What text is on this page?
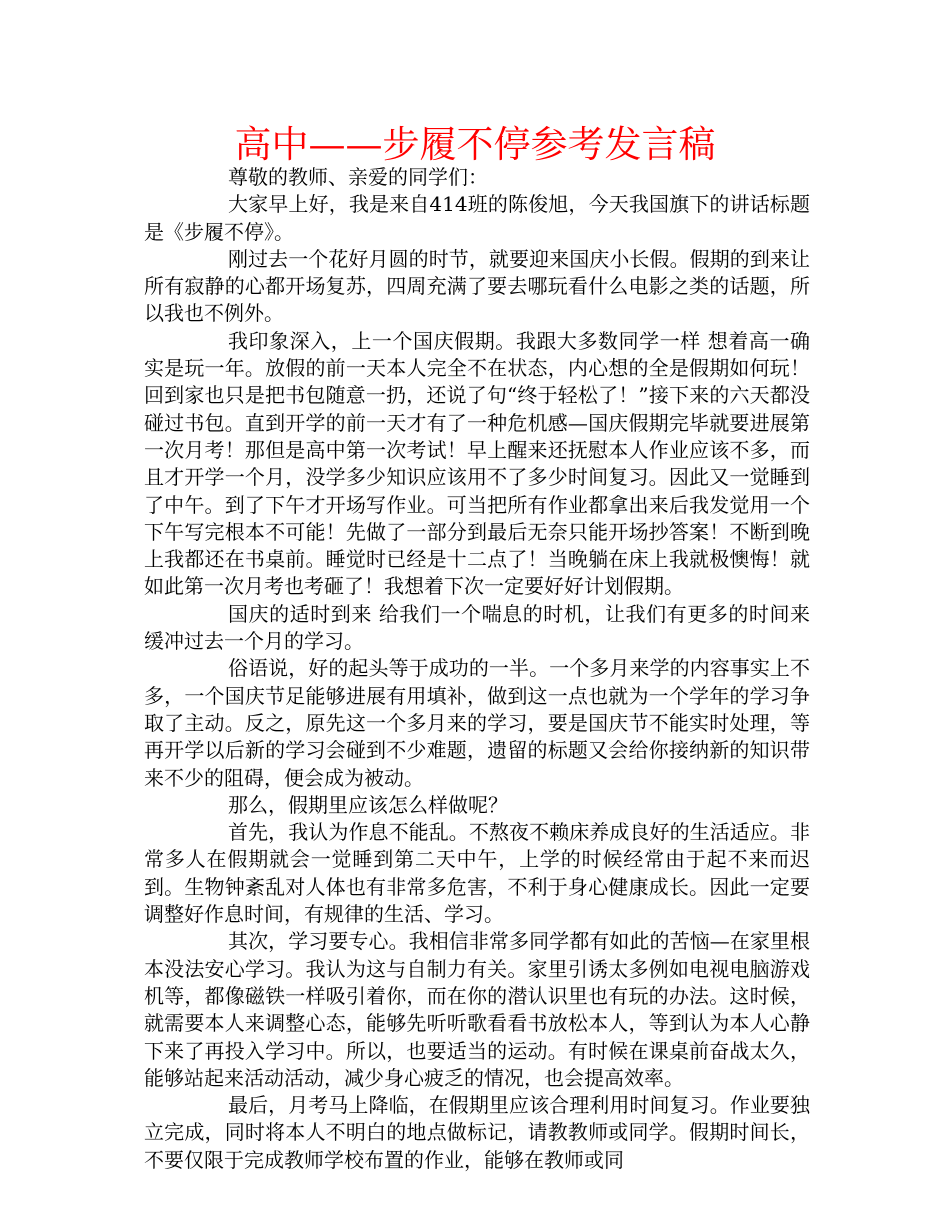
高中——步履不停参考发言稿

尊敬的教师、亲爱的同学们：

大家早上好，我是来自414班的陈俊旭，今天我国旗下的讲话标题是《步履不停》。

刚过去一个花好月圆的时节，就要迎来国庆小长假。假期的到来让所有寂静的心都开场复苏，四周充满了要去哪玩看什么电影之类的话题，所以我也不例外。

我印象深入，上一个国庆假期。我跟大多数同学一样 想着高一确实是玩一年。放假的前一天本人完全不在状态，内心想的全是假期如何玩！回到家也只是把书包随意一扔，还说了句“终于轻松了！”接下来的六天都没碰过书包。直到开学的前一天才有了一种危机感—国庆假期完毕就要进展第一次月考！那但是高中第一次考试！早上醒来还抚慰本人作业应该不多，而且才开学一个月，没学多少知识应该用不了多少时间复习。因此又一觉睡到了中午。到了下午才开场写作业。可当把所有作业都拿出来后我发觉用一个下午写完根本不可能！先做了一部分到最后无奈只能开场抄答案！不断到晚上我都还在书桌前。睡觉时已经是十二点了！当晚躺在床上我就极懊悔！就如此第一次月考也考砸了！我想着下次一定要好好计划假期。

国庆的适时到来 给我们一个喘息的时机，让我们有更多的时间来缓冲过去一个月的学习。

俗语说，好的起头等于成功的一半。一个多月来学的内容事实上不多，一个国庆节足能够进展有用填补，做到这一点也就为一个学年的学习争取了主动。反之，原先这一个多月来的学习，要是国庆节不能实时处理，等再开学以后新的学习会碰到不少难题，遗留的标题又会给你接纳新的知识带来不少的阻碍，便会成为被动。

那么，假期里应该怎么样做呢？

首先，我认为作息不能乱。不熬夜不赖床养成良好的生活适应。非常多人在假期就会一觉睡到第二天中午，上学的时候经常由于起不来而迟到。生物钟紊乱对人体也有非常多危害，不利于身心健康成长。因此一定要调整好作息时间，有规律的生活、学习。

其次，学习要专心。我相信非常多同学都有如此的苦恼—在家里根本没法安心学习。我认为这与自制力有关。家里引诱太多例如电视电脑游戏机等，都像磁铁一样吸引着你，而在你的潜认识里也有玩的办法。这时候，就需要本人来调整心态，能够先听听歌看看书放松本人，等到认为本人心静下来了再投入学习中。所以，也要适当的运动。有时候在课桌前奋战太久，能够站起来活动活动，减少身心疲乏的情况，也会提高效率。

最后，月考马上降临，在假期里应该合理利用时间复习。作业要独立完成，同时将本人不明白的地点做标记，请教教师或同学。假期时间长，不要仅限于完成教师学校布置的作业，能够在教师或同
